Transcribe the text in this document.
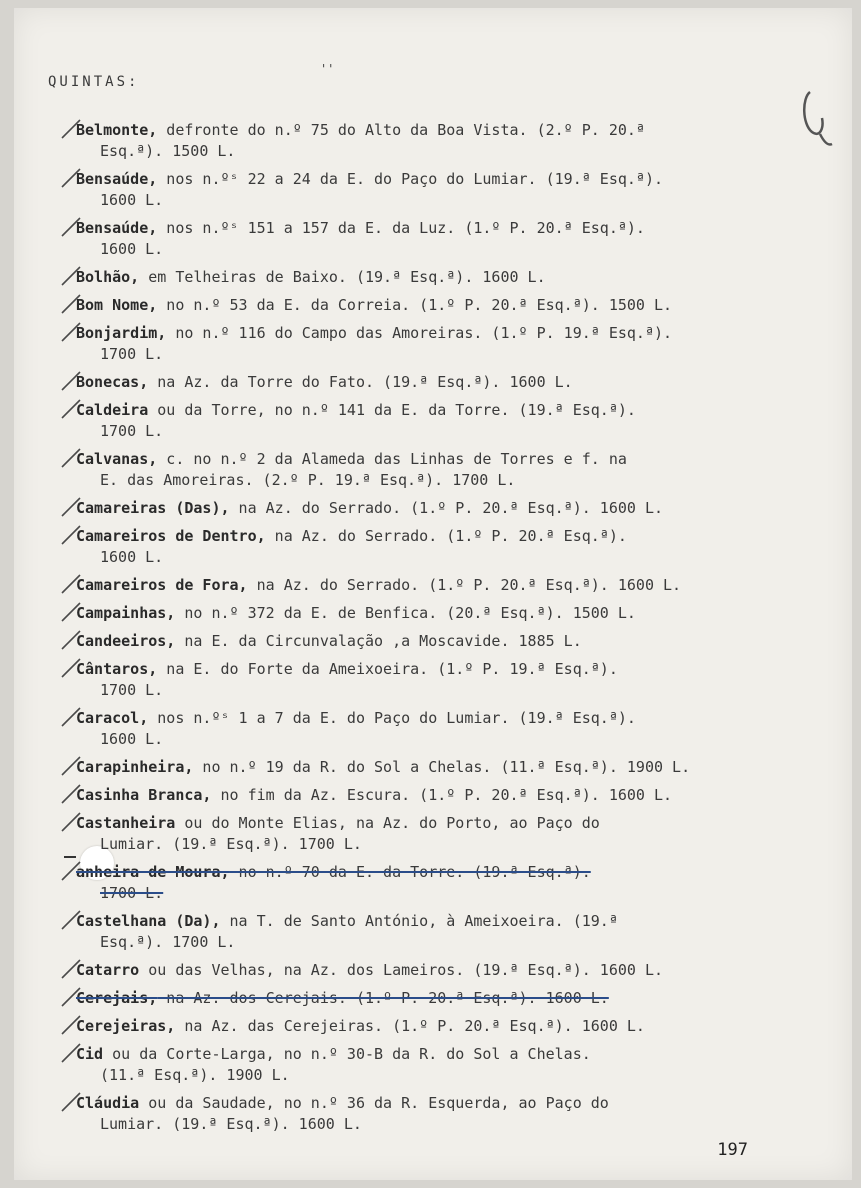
QUINTAS:
' '
Belmonte, defronte do n.º 75 do Alto da Boa Vista. (2.º P. 20.ª
Esq.ª). 1500 L.
Bensaúde, nos n.ºˢ 22 a 24 da E. do Paço do Lumiar. (19.ª Esq.ª).
1600 L.
Bensaúde, nos n.ºˢ 151 a 157 da E. da Luz. (1.º P. 20.ª Esq.ª).
1600 L.
Bolhão, em Telheiras de Baixo. (19.ª Esq.ª). 1600 L.
Bom Nome, no n.º 53 da E. da Correia. (1.º P. 20.ª Esq.ª). 1500 L.
Bonjardim, no n.º 116 do Campo das Amoreiras. (1.º P. 19.ª Esq.ª).
1700 L.
Bonecas, na Az. da Torre do Fato. (19.ª Esq.ª). 1600 L.
Caldeira ou da Torre, no n.º 141 da E. da Torre. (19.ª Esq.ª).
1700 L.
Calvanas, c. no n.º 2 da Alameda das Linhas de Torres e f. na
E. das Amoreiras. (2.º P. 19.ª Esq.ª). 1700 L.
Camareiras (Das), na Az. do Serrado. (1.º P. 20.ª Esq.ª). 1600 L.
Camareiros de Dentro, na Az. do Serrado. (1.º P. 20.ª Esq.ª).
1600 L.
Camareiros de Fora, na Az. do Serrado. (1.º P. 20.ª Esq.ª). 1600 L.
Campainhas, no n.º 372 da E. de Benfica. (20.ª Esq.ª). 1500 L.
Candeeiros, na E. da Circunvalação ,a Moscavide. 1885 L.
Cântaros, na E. do Forte da Ameixoeira. (1.º P. 19.ª Esq.ª).
1700 L.
Caracol, nos n.ºˢ 1 a 7 da E. do Paço do Lumiar. (19.ª Esq.ª).
1600 L.
Carapinheira, no n.º 19 da R. do Sol a Chelas. (11.ª Esq.ª). 1900 L.
Casinha Branca, no fim da Az. Escura. (1.º P. 20.ª Esq.ª). 1600 L.
Castanheira ou do Monte Elias, na Az. do Porto, ao Paço do
Lumiar. (19.ª Esq.ª). 1700 L.
anheira de Moura, no n.º 70 da E. da Torre. (19.ª Esq.ª).
1700 L.
Castelhana (Da), na T. de Santo António, à Ameixoeira. (19.ª
Esq.ª). 1700 L.
Catarro ou das Velhas, na Az. dos Lameiros. (19.ª Esq.ª). 1600 L.
Cerejais, na Az. dos Cerejais. (1.º P. 20.ª Esq.ª). 1600 L.
Cerejeiras, na Az. das Cerejeiras. (1.º P. 20.ª Esq.ª). 1600 L.
Cid ou da Corte-Larga, no n.º 30-B da R. do Sol a Chelas.
(11.ª Esq.ª). 1900 L.
Cláudia ou da Saudade, no n.º 36 da R. Esquerda, ao Paço do
Lumiar. (19.ª Esq.ª). 1600 L.
197
